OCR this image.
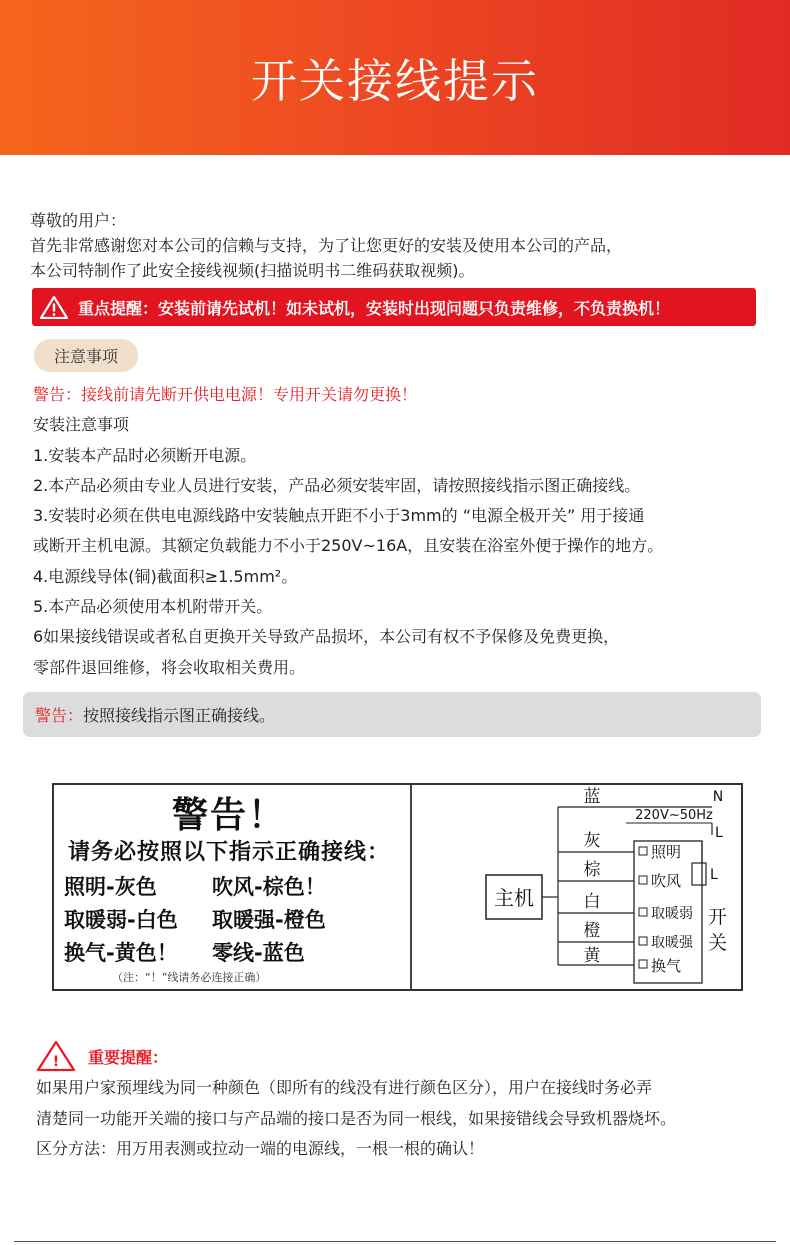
开关接线提示

尊敬的用户：

首先非常感谢您对本公司的信赖与支持，为了让您更好的安装及使用本公司的产品，

本公司特制作了此安全接线视频(扫描说明书二维码获取视频)。

重点提醒：安装前请先试机！如未试机，安装时出现问题只负责维修，不负责换机！
注意事项

警告：接线前请先断开供电电源！专用开关请勿更换！

安装注意事项

1.安装本产品时必须断开电源。

2.本产品必须由专业人员进行安装，产品必须安装牢固，请按照接线指示图正确接线。

3.安装时必须在供电电源线路中安装触点开距不小于3mm的 “电源全极开关” 用于接通

或断开主机电源。其额定负载能力不小于250V~16A，且安装在浴室外便于操作的地方。

4.电源线导体(铜)截面积≥1.5mm²。

5.本产品必须使用本机附带开关。

6如果接线错误或者私自更换开关导致产品损坏，本公司有权不予保修及免费更换，

零部件退回维修，将会收取相关费用。

警告： 按照接线指示图正确接线。
警告！
请务必按照以下指示正确接线：
照明-灰色	吹风-棕色！
取暖弱-白色 取暖强-橙色
换气-黄色！ 零线-蓝色
（注：“！”线请务必连接正确）
主机
蓝
灰
棕
白
橙
黄
N
220V~50Hz
L
L
照明
吹风
取暖弱
取暖强
换气
开
关
! 重要提醒：

如果用户家预埋线为同一种颜色（即所有的线没有进行颜色区分），用户在接线时务必弄

清楚同一功能开关端的接口与产品端的接口是否为同一根线，如果接错线会导致机器烧坏。

区分方法：用万用表测或拉动一端的电源线，一根一根的确认！
